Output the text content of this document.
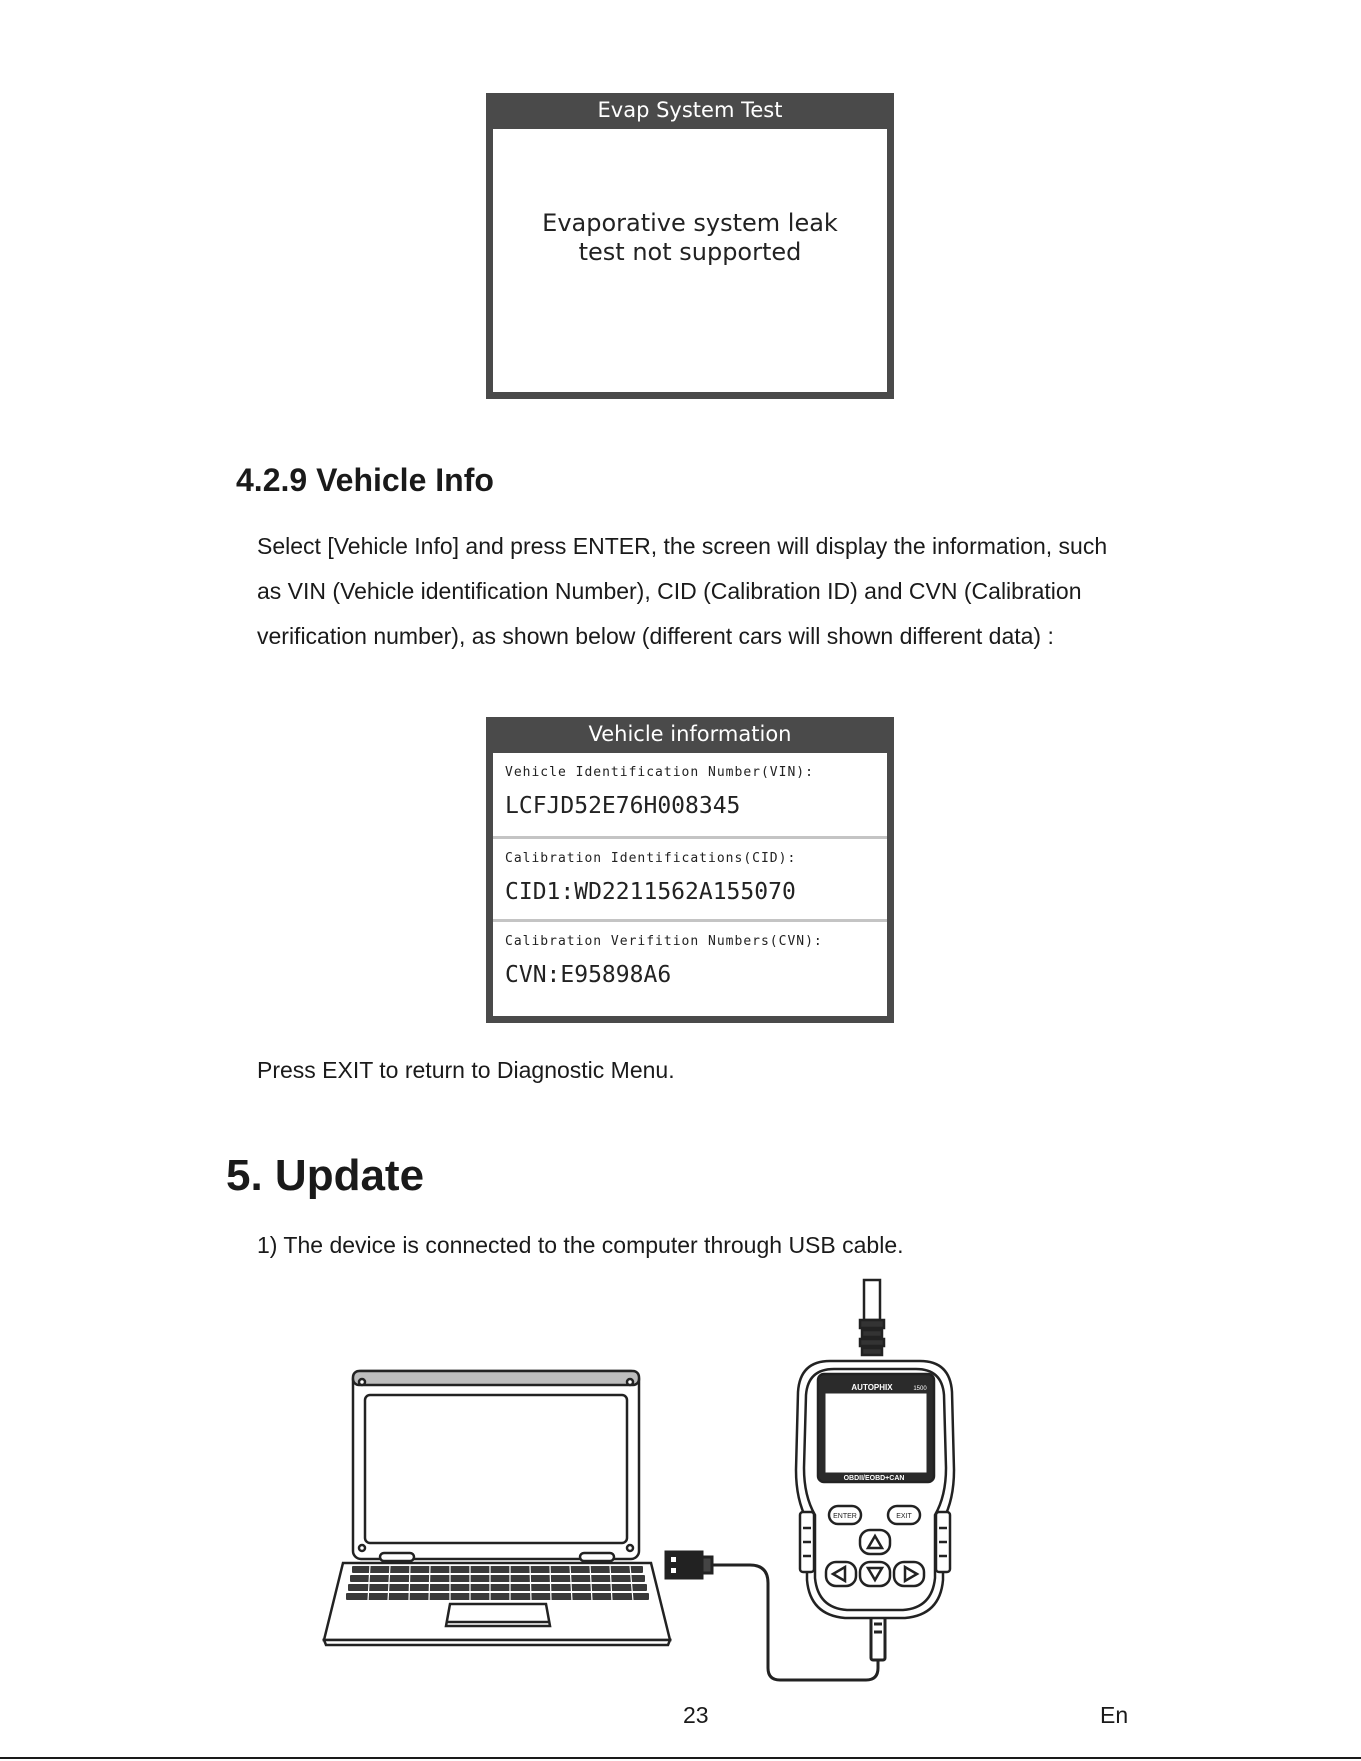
Evap System Test
Evaporative system leak
test not supported
4.2.9 Vehicle Info
Select [Vehicle Info] and press ENTER, the screen will display the information, such as VIN (Vehicle identification Number), CID (Calibration ID) and CVN (Calibration verification number), as shown below (different cars will shown different data) :
Vehicle information
Vehicle Identification Number(VIN):
LCFJD52E76H008345
Calibration Identifications(CID):
CID1:WD2211562A155070
Calibration Verifition Numbers(CVN):
CVN:E95898A6
Press EXIT to return to Diagnostic Menu.
5. Update
1) The device is connected to the computer through USB cable.
AUTOPHIX	1500
OBDII/EOBD+CAN
ENTER	EXIT
23	En
